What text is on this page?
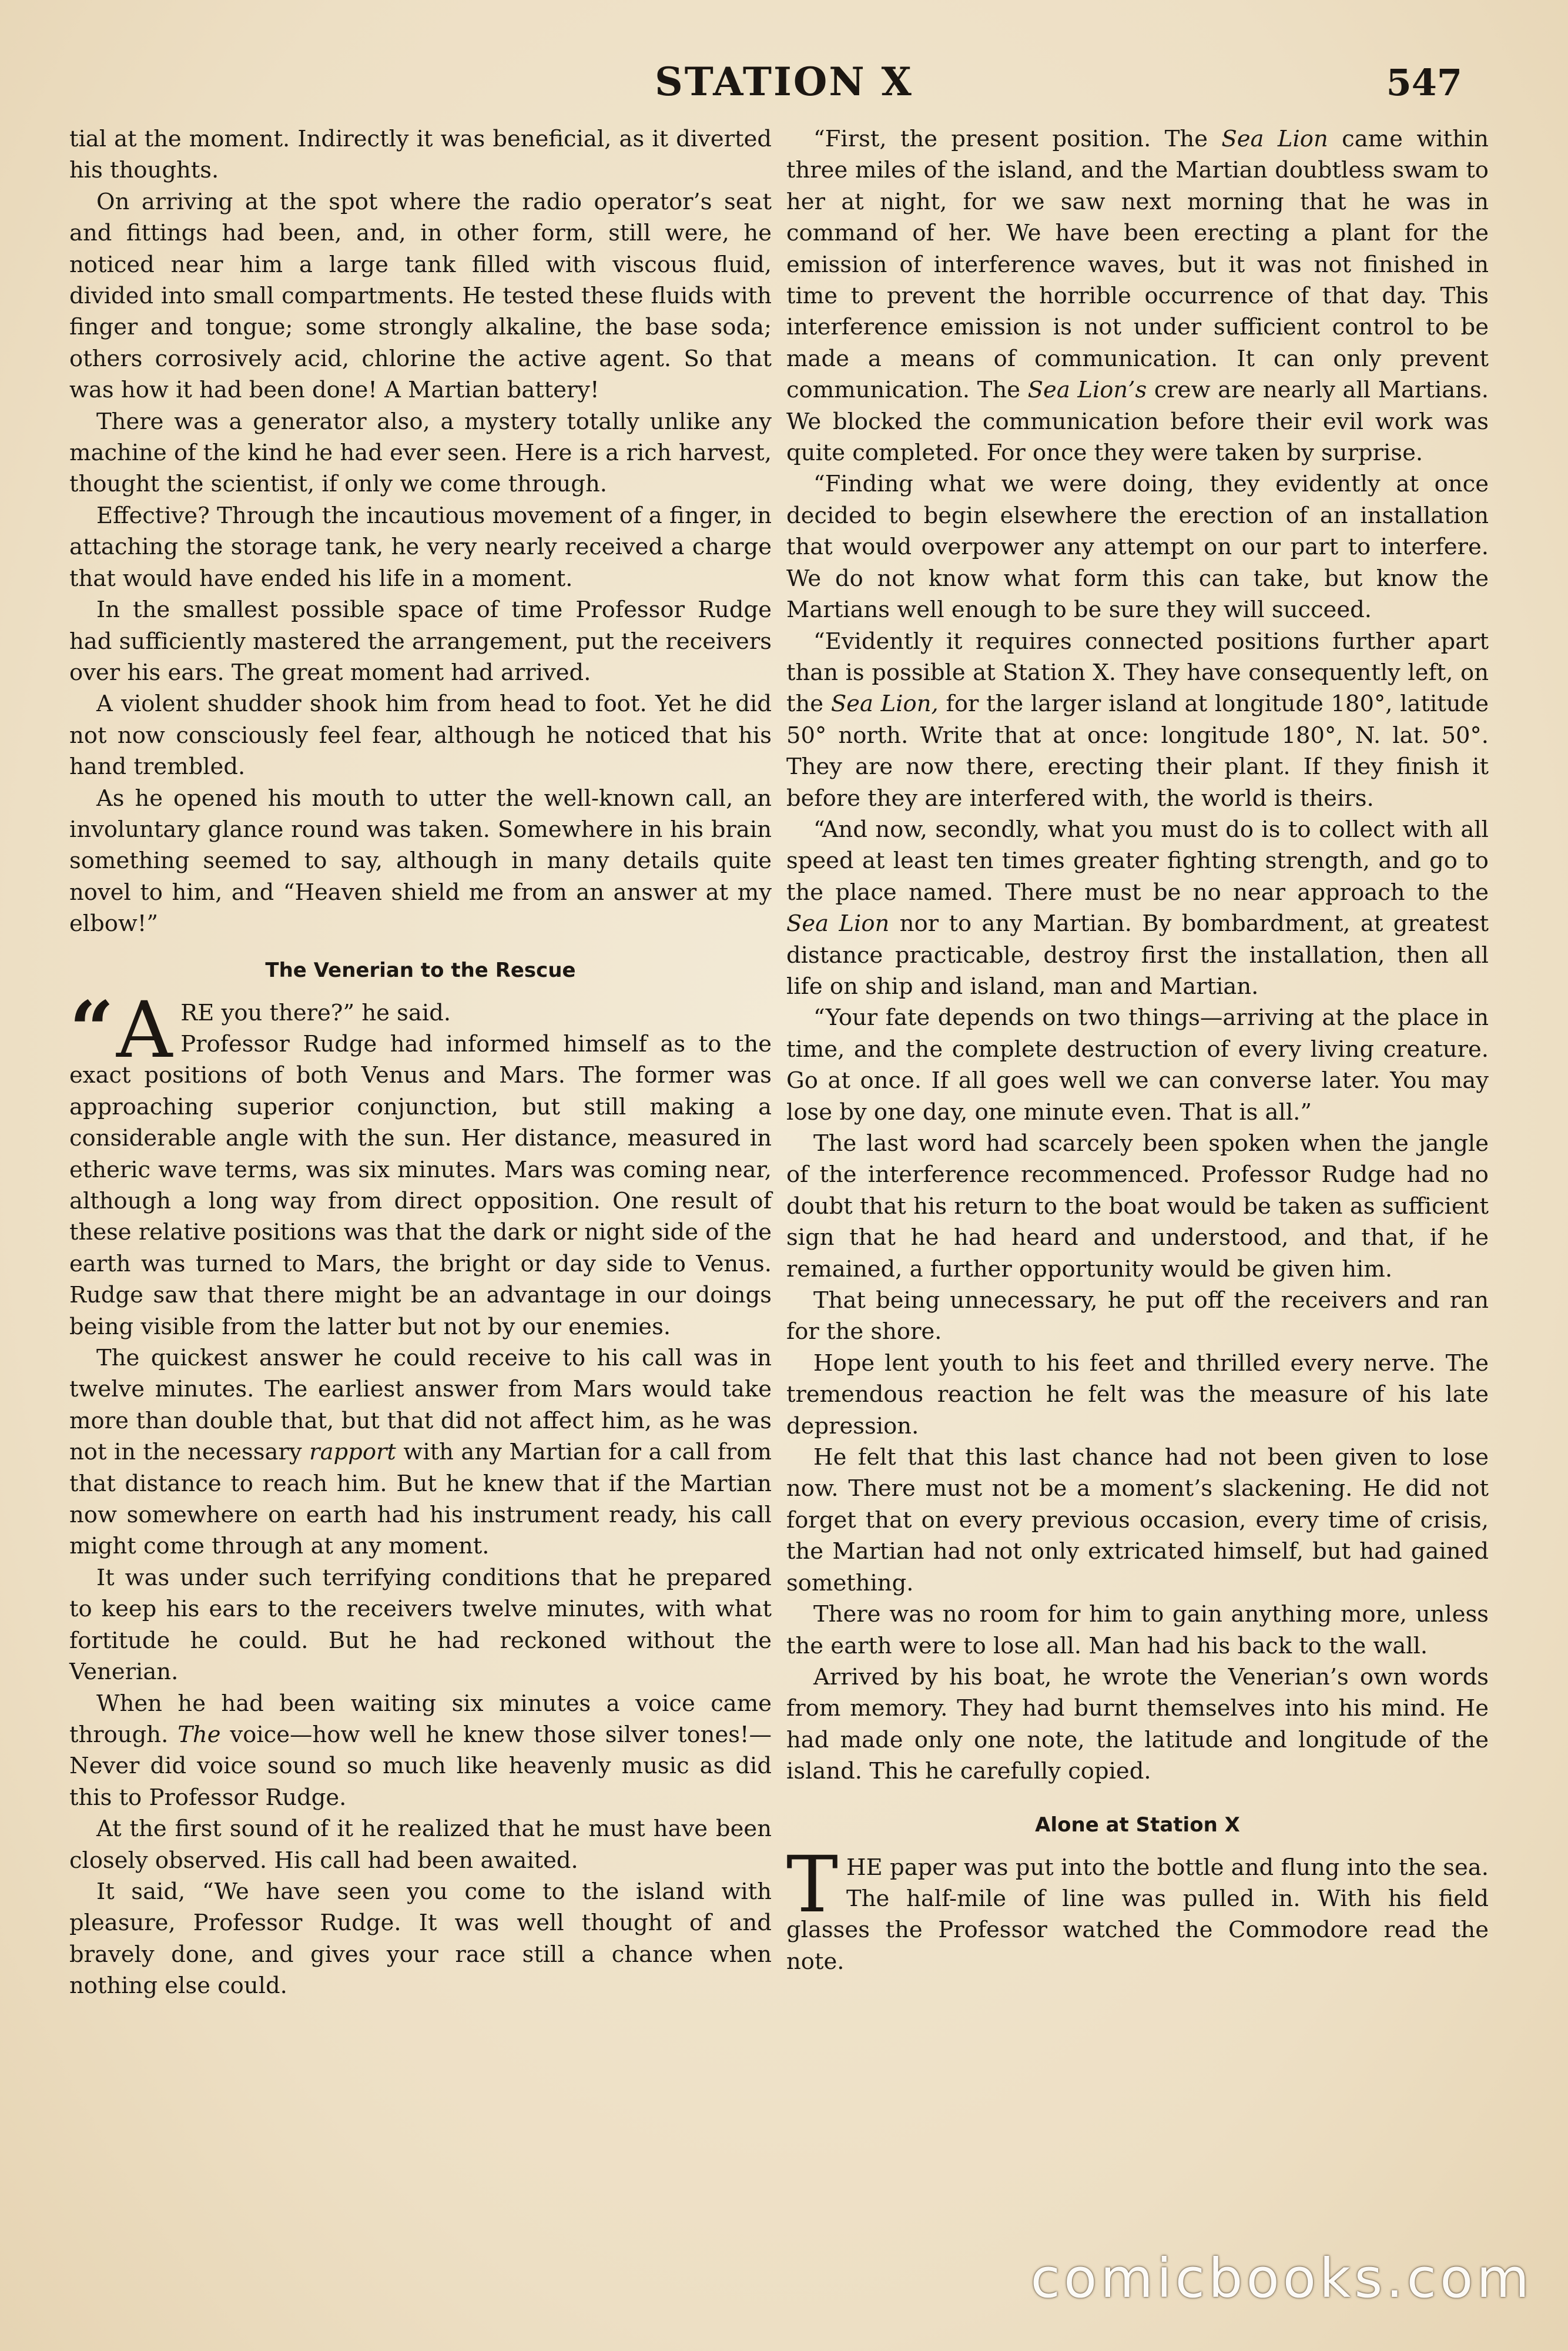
STATION X	547

tial at the moment. Indirectly it was beneficial, as it diverted his thoughts.

On arriving at the spot where the radio operator’s seat and fittings had been, and, in other form, still were, he noticed near him a large tank filled with viscous fluid, divided into small compartments. He tested these fluids with finger and tongue; some strongly alkaline, the base soda; others corrosively acid, chlorine the active agent. So that was how it had been done! A Martian battery!

There was a generator also, a mystery totally unlike any machine of the kind he had ever seen. Here is a rich harvest, thought the scientist, if only we come through.

Effective? Through the incautious movement of a finger, in attaching the storage tank, he very nearly received a charge that would have ended his life in a moment.

In the smallest possible space of time Professor Rudge had sufficiently mastered the arrangement, put the receivers over his ears. The great moment had arrived.

A violent shudder shook him from head to foot. Yet he did not now consciously feel fear, although he noticed that his hand trembled.

As he opened his mouth to utter the well-known call, an involuntary glance round was taken. Somewhere in his brain something seemed to say, although in many details quite novel to him, and “Heaven shield me from an answer at my elbow!”

The Venerian to the Rescue

“A RE you there?” he said.
Professor Rudge had informed himself as to the exact positions of both Venus and Mars. The former was approaching superior conjunction, but still making a considerable angle with the sun. Her distance, measured in etheric wave terms, was six minutes. Mars was coming near, although a long way from direct opposition. One result of these relative positions was that the dark or night side of the earth was turned to Mars, the bright or day side to Venus. Rudge saw that there might be an advantage in our doings being visible from the latter but not by our enemies.

The quickest answer he could receive to his call was in twelve minutes. The earliest answer from Mars would take more than double that, but that did not affect him, as he was not in the necessary rapport with any Martian for a call from that distance to reach him. But he knew that if the Martian now somewhere on earth had his instrument ready, his call might come through at any moment.

It was under such terrifying conditions that he prepared to keep his ears to the receivers twelve minutes, with what fortitude he could. But he had reckoned without the Venerian.

When he had been waiting six minutes a voice came through. The voice—how well he knew those silver tones!—Never did voice sound so much like heavenly music as did this to Professor Rudge.

At the first sound of it he realized that he must have been closely observed. His call had been awaited.

It said, “We have seen you come to the island with pleasure, Professor Rudge. It was well thought of and bravely done, and gives your race still a chance when nothing else could.

“First, the present position. The Sea Lion came within three miles of the island, and the Martian doubtless swam to her at night, for we saw next morning that he was in command of her. We have been erecting a plant for the emission of interference waves, but it was not finished in time to prevent the horrible occurrence of that day. This interference emission is not under sufficient control to be made a means of communication. It can only prevent communication. The Sea Lion’s crew are nearly all Martians. We blocked the communication before their evil work was quite completed. For once they were taken by surprise.

“Finding what we were doing, they evidently at once decided to begin elsewhere the erection of an installation that would overpower any attempt on our part to interfere. We do not know what form this can take, but know the Martians well enough to be sure they will succeed.

“Evidently it requires connected positions further apart than is possible at Station X. They have consequently left, on the Sea Lion, for the larger island at longitude 180°, latitude 50° north. Write that at once: longitude 180°, N. lat. 50°. They are now there, erecting their plant. If they finish it before they are interfered with, the world is theirs.

“And now, secondly, what you must do is to collect with all speed at least ten times greater fighting strength, and go to the place named. There must be no near approach to the Sea Lion nor to any Martian. By bombardment, at greatest distance practicable, destroy first the installation, then all life on ship and island, man and Martian.

“Your fate depends on two things—arriving at the place in time, and the complete destruction of every living creature. Go at once. If all goes well we can converse later. You may lose by one day, one minute even. That is all.”

The last word had scarcely been spoken when the jangle of the interference recommenced. Professor Rudge had no doubt that his return to the boat would be taken as sufficient sign that he had heard and understood, and that, if he remained, a further opportunity would be given him.

That being unnecessary, he put off the receivers and ran for the shore.

Hope lent youth to his feet and thrilled every nerve. The tremendous reaction he felt was the measure of his late depression.

He felt that this last chance had not been given to lose now. There must not be a moment’s slackening. He did not forget that on every previous occasion, every time of crisis, the Martian had not only extricated himself, but had gained something.

There was no room for him to gain anything more, unless the earth were to lose all. Man had his back to the wall.

Arrived by his boat, he wrote the Venerian’s own words from memory. They had burnt themselves into his mind. He had made only one note, the latitude and longitude of the island. This he carefully copied.

Alone at Station X

THE paper was put into the bottle and flung into the sea. The half-mile of line was pulled in. With his field glasses the Professor watched the Commodore read the note.

comicbooks.com
